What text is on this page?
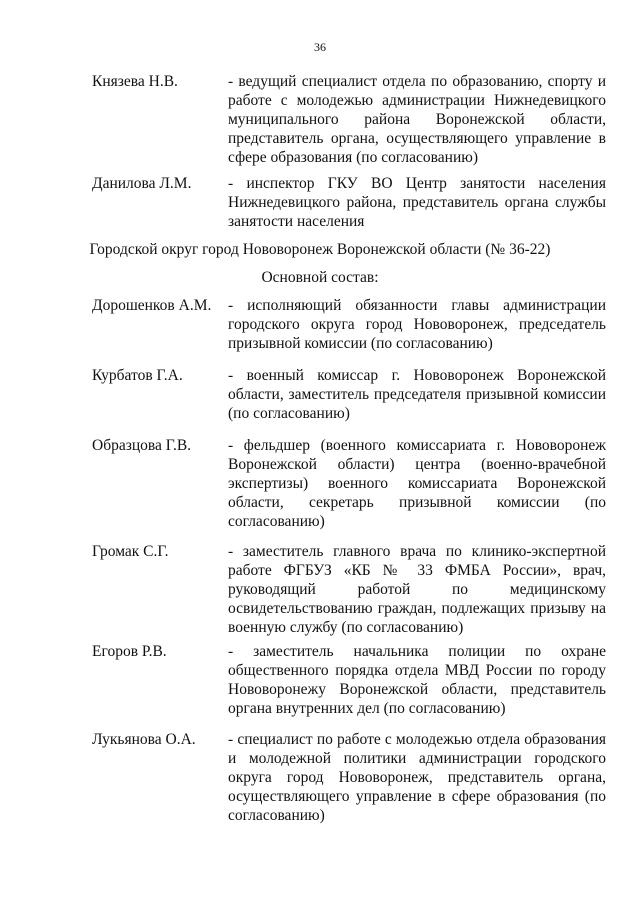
36
Князева Н.В.	- ведущий специалист отдела по образованию, спорту и работе с молодежью администрации Нижнедевицкого муниципального района Воронежской области, представитель органа, осуществляющего управление в сфере образования (по согласованию)
Данилова Л.М. - инспектор ГКУ ВО Центр занятости населения Нижнедевицкого района, представитель органа службы занятости населения
Городской округ город Нововоронеж Воронежской области (№ 36-22)
Основной состав:
Дорошенков А.М. - исполняющий обязанности главы администрации городского округа город Нововоронеж, председатель призывной комиссии (по согласованию)
Курбатов Г.А.	- военный комиссар г. Нововоронеж Воронежской области, заместитель председателя призывной комиссии (по согласованию)
Образцова Г.В. - фельдшер (военного комиссариата г. Нововоронеж Воронежской области) центра (военно-врачебной экспертизы) военного комиссариата Воронежской области, секретарь призывной комиссии (по согласованию)
Громак С.Г.	- заместитель главного врача по клинико-экспертной работе ФГБУЗ «КБ № 33 ФМБА России», врач, руководящий работой по медицинскому освидетельствованию граждан, подлежащих призыву на военную службу (по согласованию)
Егоров Р.В.	- заместитель начальника полиции по охране общественного порядка отдела МВД России по городу Нововоронежу Воронежской области, представитель органа внутренних дел (по согласованию)
Лукьянова О.А. - специалист по работе с молодежью отдела образования и молодежной политики администрации городского округа город Нововоронеж, представитель органа, осуществляющего управление в сфере образования (по согласованию)
